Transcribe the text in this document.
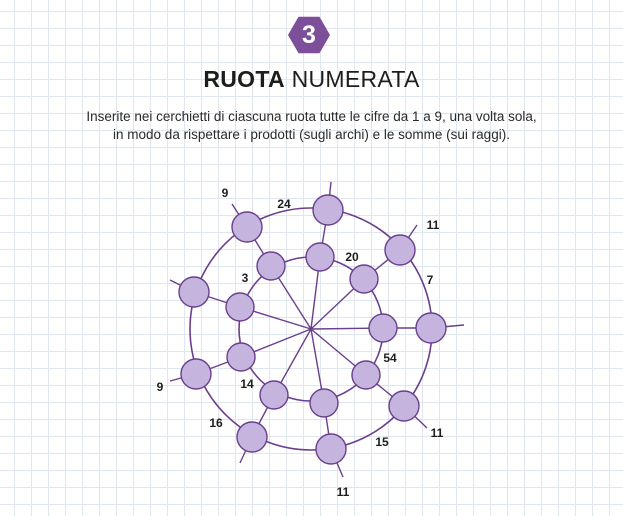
3
RUOTA NUMERATA
Inserite nei cerchietti di ciascuna ruota tutte le cifre da 1 a 9, una volta sola,
in modo da rispettare i prodotti (sugli archi) e le somme (sui raggi).
9
24
11
7
11
15
11
16
9
3
20
54
14
